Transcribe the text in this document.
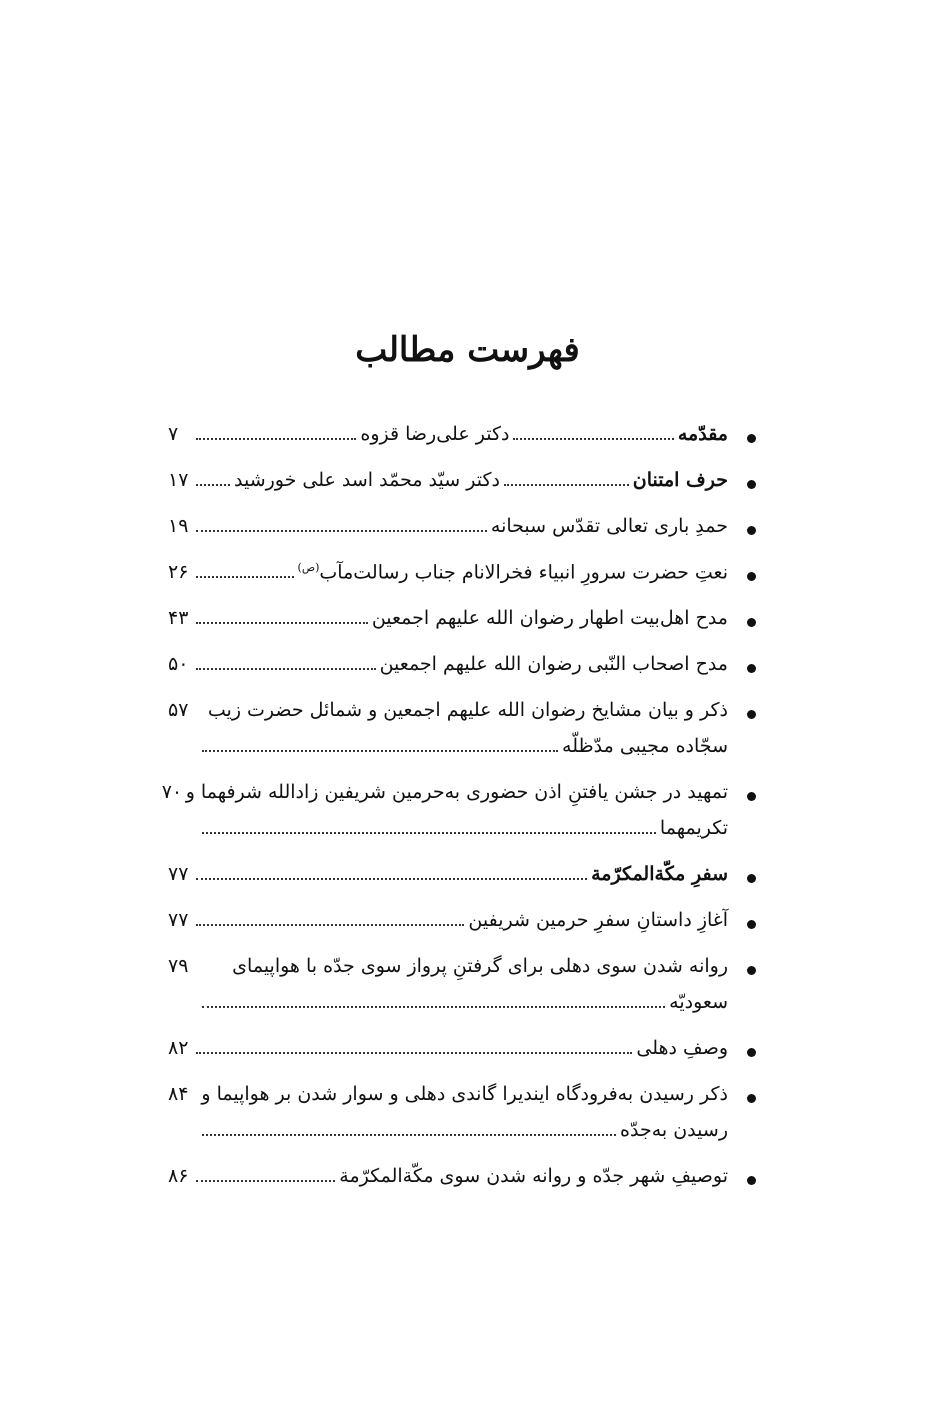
فهرست مطالب
مقدّمه
دکتر علی‌رضا قزوه
۷
حرف امتنان
دکتر سیّد محمّد اسد علی خورشید
۱۷
حمدِ باری تعالی تقدّس سبحانه
۱۹
نعتِ حضرت سرورِ انبیاء فخرالانام جناب رسالت‌مآب$^{(ص)}$
۲۶
مدح اهل‌بیت اطهار رضوان الله علیهم اجمعین
۴۳
مدح اصحاب النّبی رضوان الله علیهم اجمعین
۵۰
ذکر و بیان مشایخ رضوان الله علیهم اجمعین و شمائل حضرت زیب
۵۷
سجّاده مجیبی مدّظلّه
تمهید در جشن یافتنِ اذن حضوری به‌حرمین شریفین زادالله شرفهما و
۷۰
تکریمهما
سفرِ مکّةالمکرّمة
۷۷
آغازِ داستانِ سفرِ حرمین شریفین
۷۷
روانه شدن سوی دهلی برای گرفتنِ پرواز سوی جدّه با هواپیمای
۷۹
سعودیّه
وصفِ دهلی
۸۲
ذکر رسیدن به‌فرودگاه ایندیرا گاندی دهلی و سوار شدن بر هواپیما و
۸۴
رسیدن به‌جدّه
توصیفِ شهر جدّه و روانه شدن سوی مکّةالمکرّمة
۸۶
